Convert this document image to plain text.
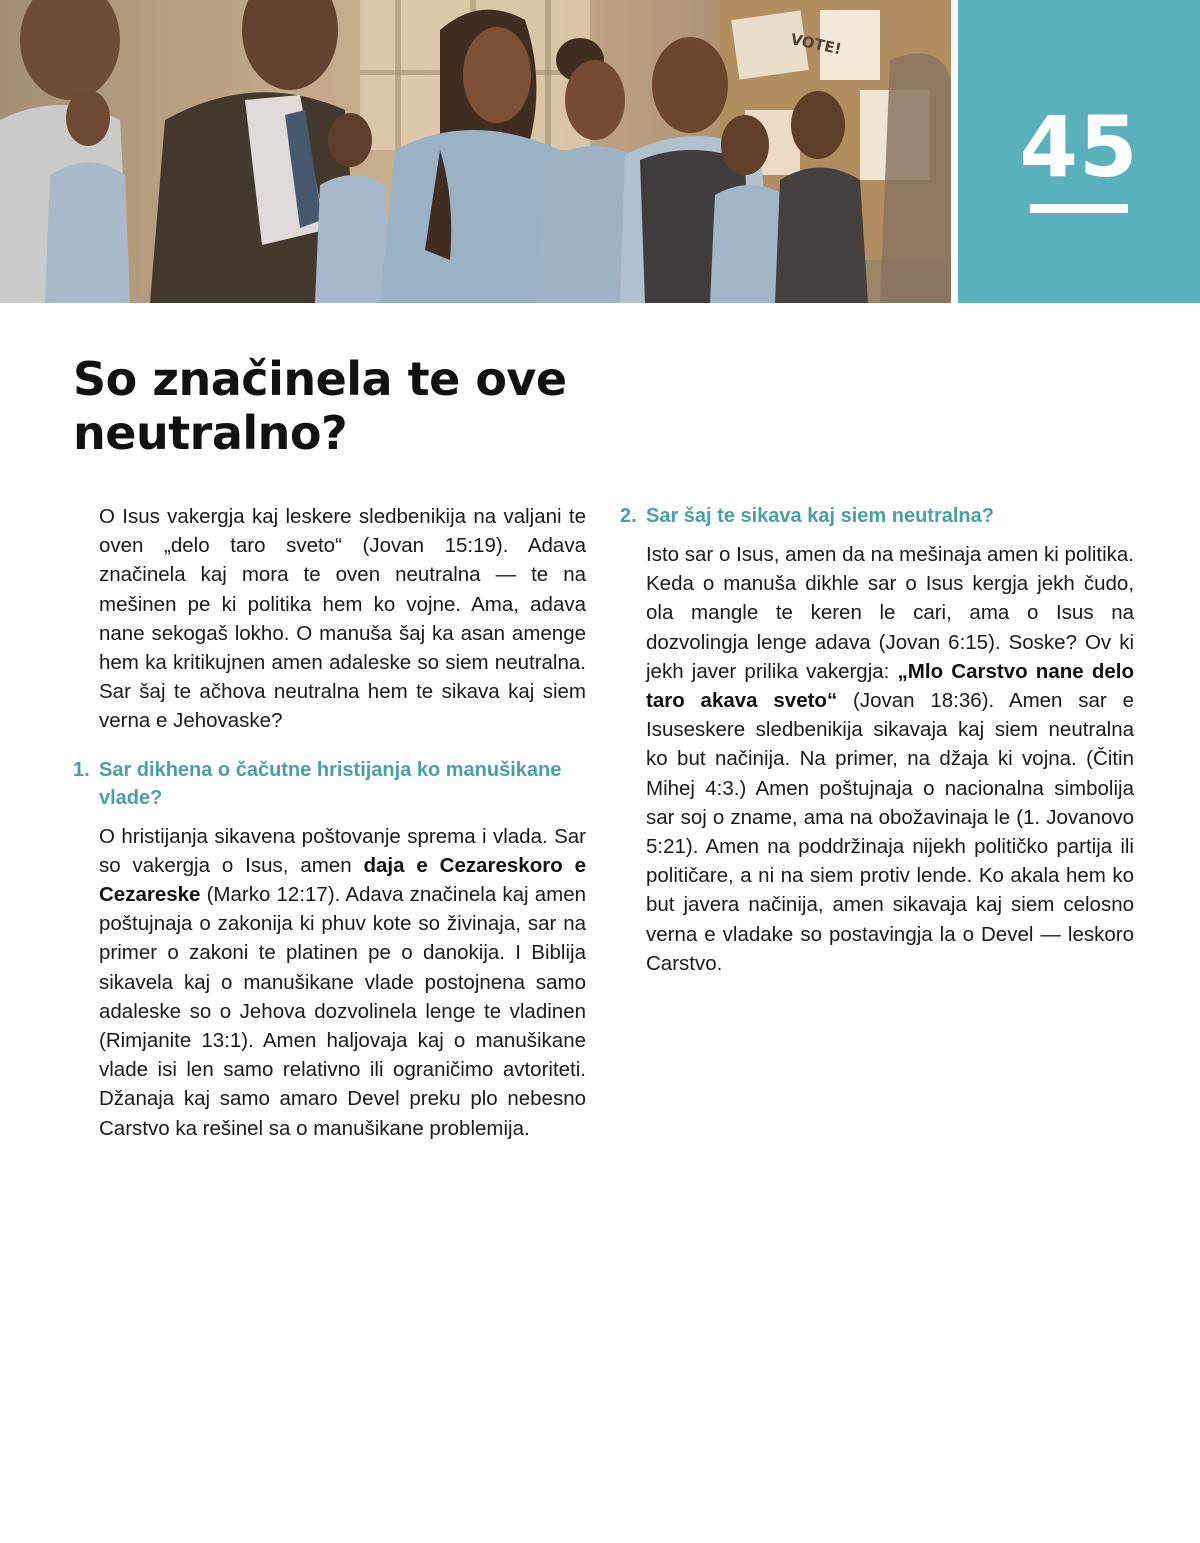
VOTE!
45
So značinela te ove neutralno?

O Isus vakergja kaj leskere sledbenikija na valjani te oven „delo taro sveto“ (Jovan 15:19). Adava značinela kaj mora te oven neutralna — te na mešinen pe ki politika hem ko vojne. Ama, adava nane sekogaš lokho. O manuša šaj ka asan amenge hem ka kritikujnen amen adaleske so siem neutralna. Sar šaj te ačhova neutralna hem te sikava kaj siem verna e Jehovaske?

1. Sar dikhena o čačutne hristijanja ko manušikane vlade?

O hristijanja sikavena poštovanje sprema i vlada. Sar so vakergja o Isus, amen daja e Cezareskoro e Cezareske (Marko 12:17). Adava značinela kaj amen poštujnaja o zakonija ki phuv kote so živinaja, sar na primer o zakoni te platinen pe o danokija. I Biblija sikavela kaj o manušikane vlade postojnena samo adaleske so o Jehova dozvolinela lenge te vladinen (Rimjanite 13:1). Amen haljovaja kaj o manušikane vlade isi len samo relativno ili ograničimo avtoriteti. Džanaja kaj samo amaro Devel preku plo nebesno Carstvo ka rešinel sa o manušikane problemija.

2. Sar šaj te sikava kaj siem neutralna?

Isto sar o Isus, amen da na mešinaja amen ki politika. Keda o manuša dikhle sar o Isus kergja jekh čudo, ola mangle te keren le cari, ama o Isus na dozvolingja lenge adava (Jovan 6:15). Soske? Ov ki jekh javer prilika vakergja: „Mlo Carstvo nane delo taro akava sveto“ (Jovan 18:36). Amen sar e Isuseskere sledbenikija sikavaja kaj siem neutralna ko but načinija. Na primer, na džaja ki vojna. (Čitin Mihej 4:3.) Amen poštujnaja o nacionalna simbolija sar soj o zname, ama na obožavinaja le (1. Jovanovo 5:21). Amen na poddržinaja nijekh političko partija ili političare, a ni na siem protiv lende. Ko akala hem ko but javera načinija, amen sikavaja kaj siem celosno verna e vladake so postavingja la o Devel — leskoro Carstvo.
